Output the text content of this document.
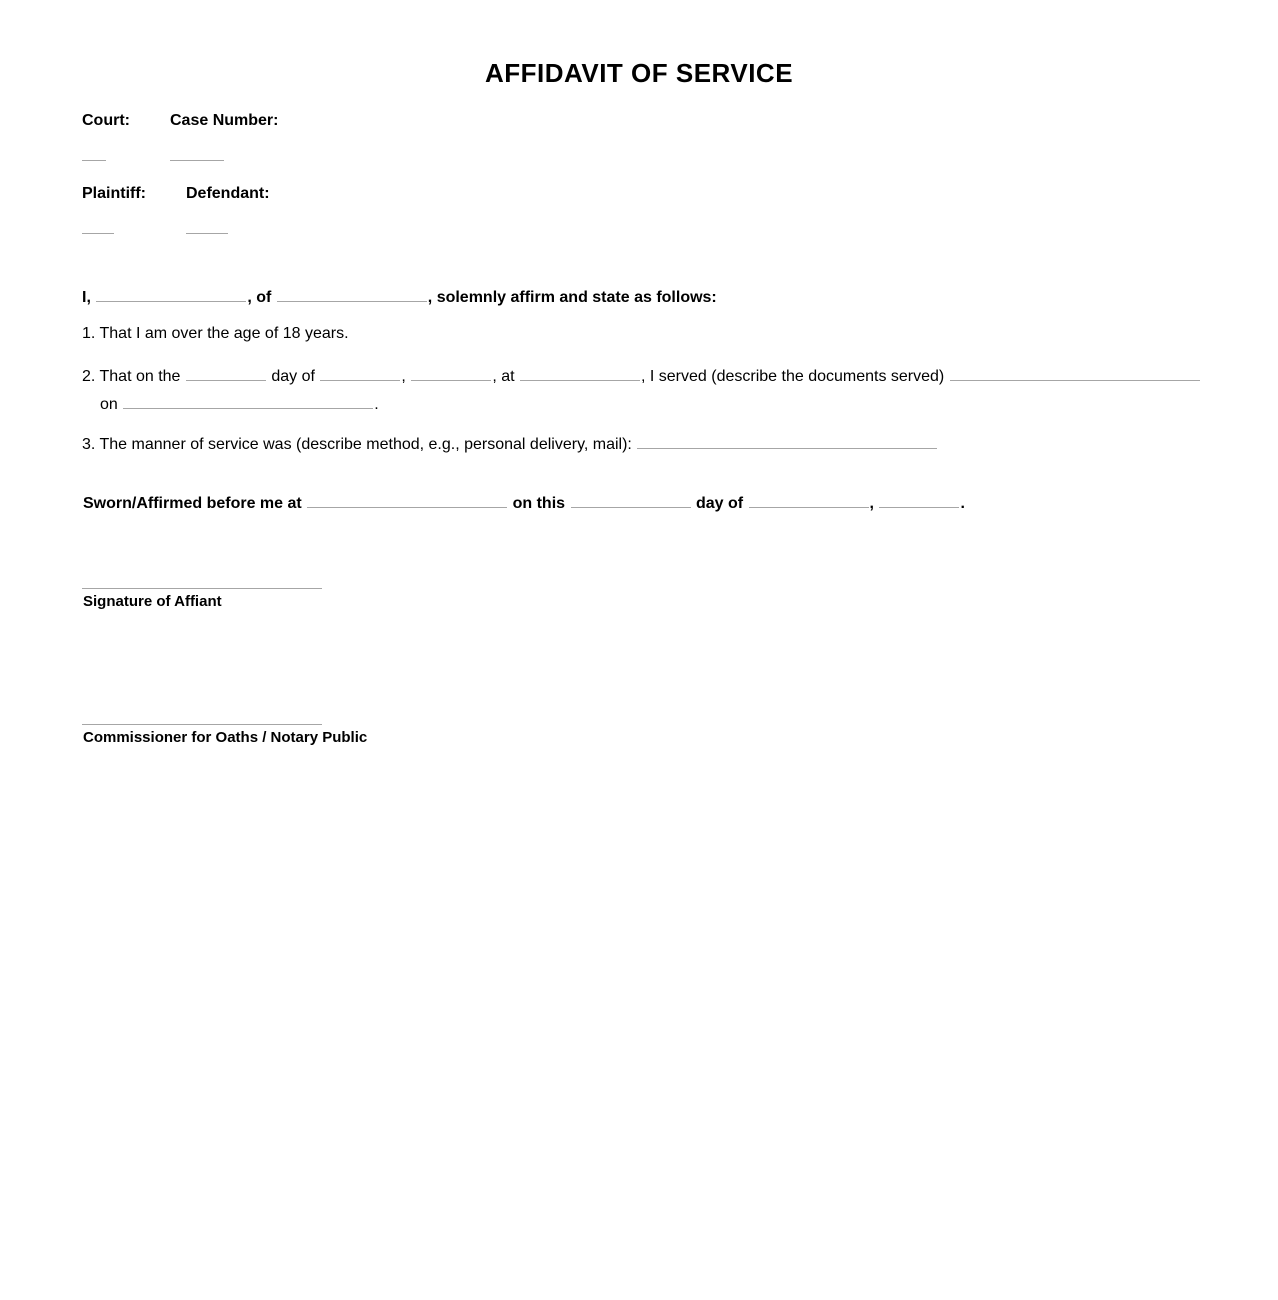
AFFIDAVIT OF SERVICE
Court:	Case Number:
Plaintiff:	Defendant:
I,	, of	, solemnly affirm and state as follows:
1. That I am over the age of 18 years.
2. That on the	day of	,	, at	, I served (describe the documents served)
on	.
3. The manner of service was (describe method, e.g., personal delivery, mail):
Sworn/Affirmed before me at	on this	day of	,	.
Signature of Affiant
Commissioner for Oaths / Notary Public
